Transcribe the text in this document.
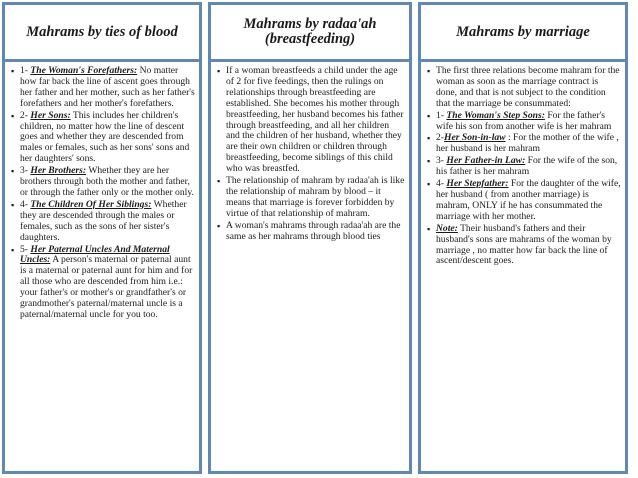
Mahrams by ties of blood
▪ 1- The Woman's Forefathers: No matter how far back the line of ascent goes through her father and her mother, such as her father's forefathers and her mother's forefathers.
▪ 2- Her Sons: This includes her children's children, no matter how the line of descent goes and whether they are descended from males or females, such as her sons' sons and her daughters' sons.
▪ 3- Her Brothers: Whether they are her brothers through both the mother and father, or through the father only or the mother only.
▪ 4- The Children Of Her Siblings: Whether they are descended through the males or females, such as the sons of her sister's daughters.
▪ 5- Her Paternal Uncles And Maternal Uncles: A person's maternal or paternal aunt is a maternal or paternal aunt for him and for all those who are descended from him i.e.: your father's or mother's or grandfather's or grandmother's paternal/maternal uncle is a paternal/maternal uncle for you too.
Mahrams by radaa'ah (breastfeeding)
▪ If a woman breastfeeds a child under the age of 2 for five feedings, then the rulings on relationships through breastfeeding are established. She becomes his mother through breastfeeding, her husband becomes his father through breastfeeding, and all her children and the children of her husband, whether they are their own children or children through breastfeeding, become siblings of this child who was breastfed.
▪ The relationship of mahram by radaa'ah is like the relationship of mahram by blood – it means that marriage is forever forbidden by virtue of that relationship of mahram.
▪ A woman's mahrams through radaa'ah are the same as her mahrams through blood ties
Mahrams by marriage
▪ The first three relations become mahram for the woman as soon as the marriage contract is done, and that is not subject to the condition that the marriage be consummated:
▪ 1- The Woman's Step Sons: For the father's wife his son from another wife is her mahram
▪ 2-Her Son-in-law : For the mother of the wife , her husband is her mahram
▪ 3- Her Father-in Law: For the wife of the son, his father is her mahram
▪ 4- Her Stepfather: For the daughter of the wife, her husband ( from another marriage) is mahram, ONLY if he has consummated the marriage with her mother.
▪ Note: Their husband's fathers and their husband's sons are mahrams of the woman by marriage , no matter how far back the line of ascent/descent goes.
